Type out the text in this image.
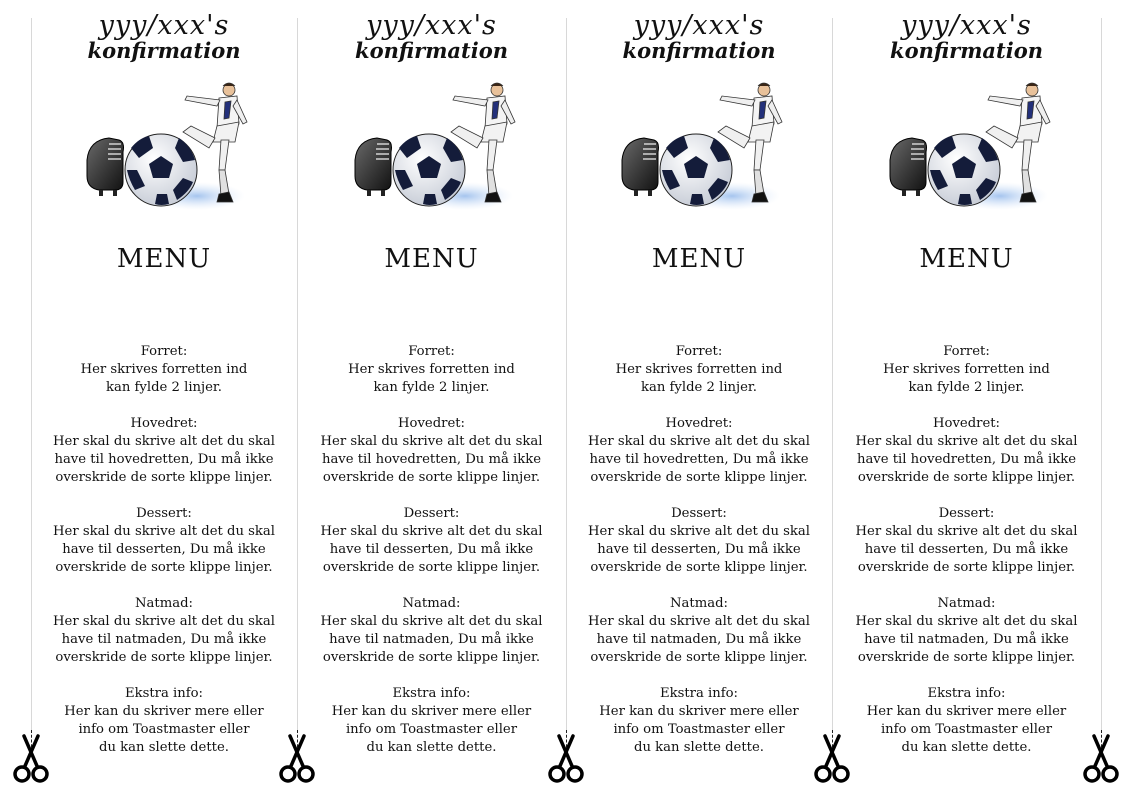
yyy/xxx's
konfirmation
MENU
Forret:
Her skrives forretten ind
kan fylde 2 linjer.
Hovedret:
Her skal du skrive alt det du skal
have til hovedretten, Du må ikke
overskride de sorte klippe linjer.
Dessert:
Her skal du skrive alt det du skal
have til desserten, Du må ikke
overskride de sorte klippe linjer.
Natmad:
Her skal du skrive alt det du skal
have til natmaden, Du må ikke
overskride de sorte klippe linjer.
Ekstra info:
Her kan du skriver mere eller
info om Toastmaster eller
du kan slette dette.
yyy/xxx's
konfirmation
MENU
Forret:
Her skrives forretten ind
kan fylde 2 linjer.
Hovedret:
Her skal du skrive alt det du skal
have til hovedretten, Du må ikke
overskride de sorte klippe linjer.
Dessert:
Her skal du skrive alt det du skal
have til desserten, Du må ikke
overskride de sorte klippe linjer.
Natmad:
Her skal du skrive alt det du skal
have til natmaden, Du må ikke
overskride de sorte klippe linjer.
Ekstra info:
Her kan du skriver mere eller
info om Toastmaster eller
du kan slette dette.
yyy/xxx's
konfirmation
MENU
Forret:
Her skrives forretten ind
kan fylde 2 linjer.
Hovedret:
Her skal du skrive alt det du skal
have til hovedretten, Du må ikke
overskride de sorte klippe linjer.
Dessert:
Her skal du skrive alt det du skal
have til desserten, Du må ikke
overskride de sorte klippe linjer.
Natmad:
Her skal du skrive alt det du skal
have til natmaden, Du må ikke
overskride de sorte klippe linjer.
Ekstra info:
Her kan du skriver mere eller
info om Toastmaster eller
du kan slette dette.
yyy/xxx's
konfirmation
MENU
Forret:
Her skrives forretten ind
kan fylde 2 linjer.
Hovedret:
Her skal du skrive alt det du skal
have til hovedretten, Du må ikke
overskride de sorte klippe linjer.
Dessert:
Her skal du skrive alt det du skal
have til desserten, Du må ikke
overskride de sorte klippe linjer.
Natmad:
Her skal du skrive alt det du skal
have til natmaden, Du må ikke
overskride de sorte klippe linjer.
Ekstra info:
Her kan du skriver mere eller
info om Toastmaster eller
du kan slette dette.
